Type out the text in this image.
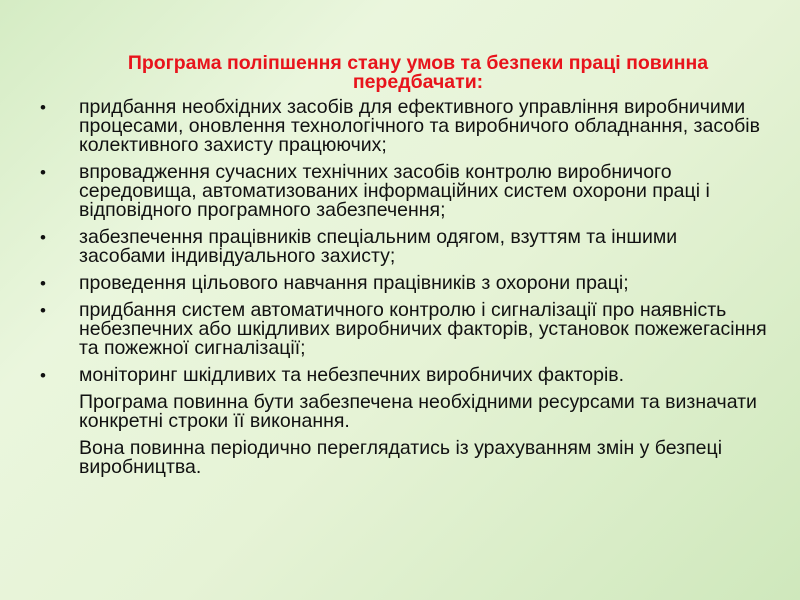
Програма поліпшення стану умов та безпеки праці повинна передбачати:
• придбання необхідних засобів для ефективного управління виробничими процесами, оновлення технологічного та виробничого обладнання, засобів колективного захисту працюючих;
• впровадження сучасних технічних засобів контролю виробничого середовища, автоматизованих інформаційних систем охорони праці і відповідного програмного забезпечення;
• забезпечення працівників спеціальним одягом, взуттям та іншими засобами індивідуального захисту;
• проведення цільового навчання працівників з охорони праці;
• придбання систем автоматичного контролю і сигналізації про наявність небезпечних або шкідливих виробничих факторів, установок пожежегасіння та пожежної сигналізації;
• моніторинг шкідливих та небезпечних виробничих факторів.
Програма повинна бути забезпечена необхідними ресурсами та визначати конкретні строки її виконання.
Вона повинна періодично переглядатись із урахуванням змін у безпеці виробництва.
